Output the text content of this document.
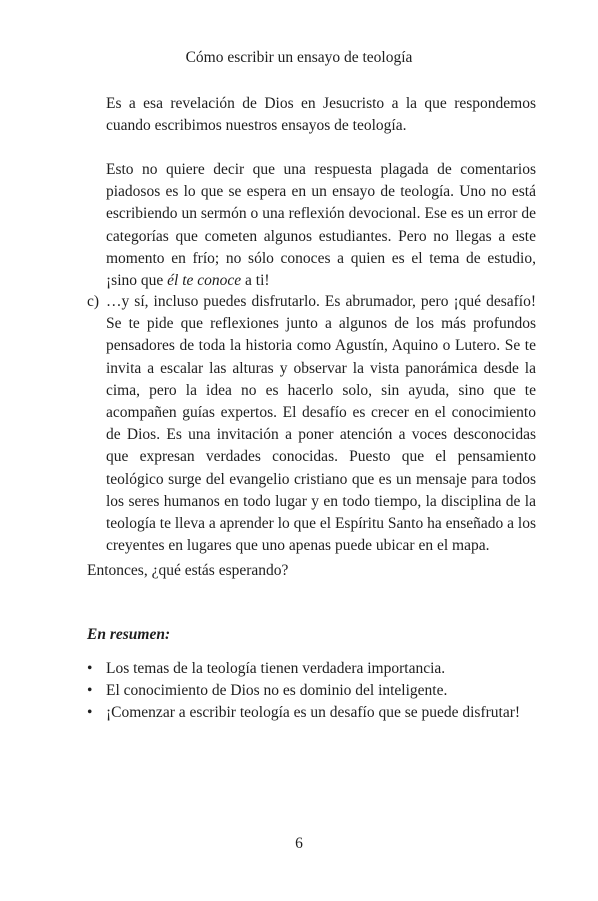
Cómo escribir un ensayo de teología

Es a esa revelación de Dios en Jesucristo a la que respondemos cuando escribimos nuestros ensayos de teología.

Esto no quiere decir que una respuesta plagada de comentarios piadosos es lo que se espera en un ensayo de teología. Uno no está escribiendo un sermón o una reflexión devocional. Ese es un error de categorías que cometen algunos estudiantes. Pero no llegas a este momento en frío; no sólo conoces a quien es el tema de estudio, ¡sino que él te conoce a ti!

c) …y sí, incluso puedes disfrutarlo. Es abrumador, pero ¡qué desafío! Se te pide que reflexiones junto a algunos de los más profundos pensadores de toda la historia como Agustín, Aquino o Lutero. Se te invita a escalar las alturas y observar la vista panorámica desde la cima, pero la idea no es hacerlo solo, sin ayuda, sino que te acompañen guías expertos. El desafío es crecer en el conocimiento de Dios. Es una invitación a poner atención a voces desconocidas que expresan verdades conocidas. Puesto que el pensamiento teológico surge del evangelio cristiano que es un mensaje para todos los seres humanos en todo lugar y en todo tiempo, la disciplina de la teología te lleva a aprender lo que el Espíritu Santo ha enseñado a los creyentes en lugares que uno apenas puede ubicar en el mapa.

Entonces, ¿qué estás esperando?

En resumen:
• Los temas de la teología tienen verdadera importancia.
• El conocimiento de Dios no es dominio del inteligente.
• ¡Comenzar a escribir teología es un desafío que se puede disfrutar!
6
